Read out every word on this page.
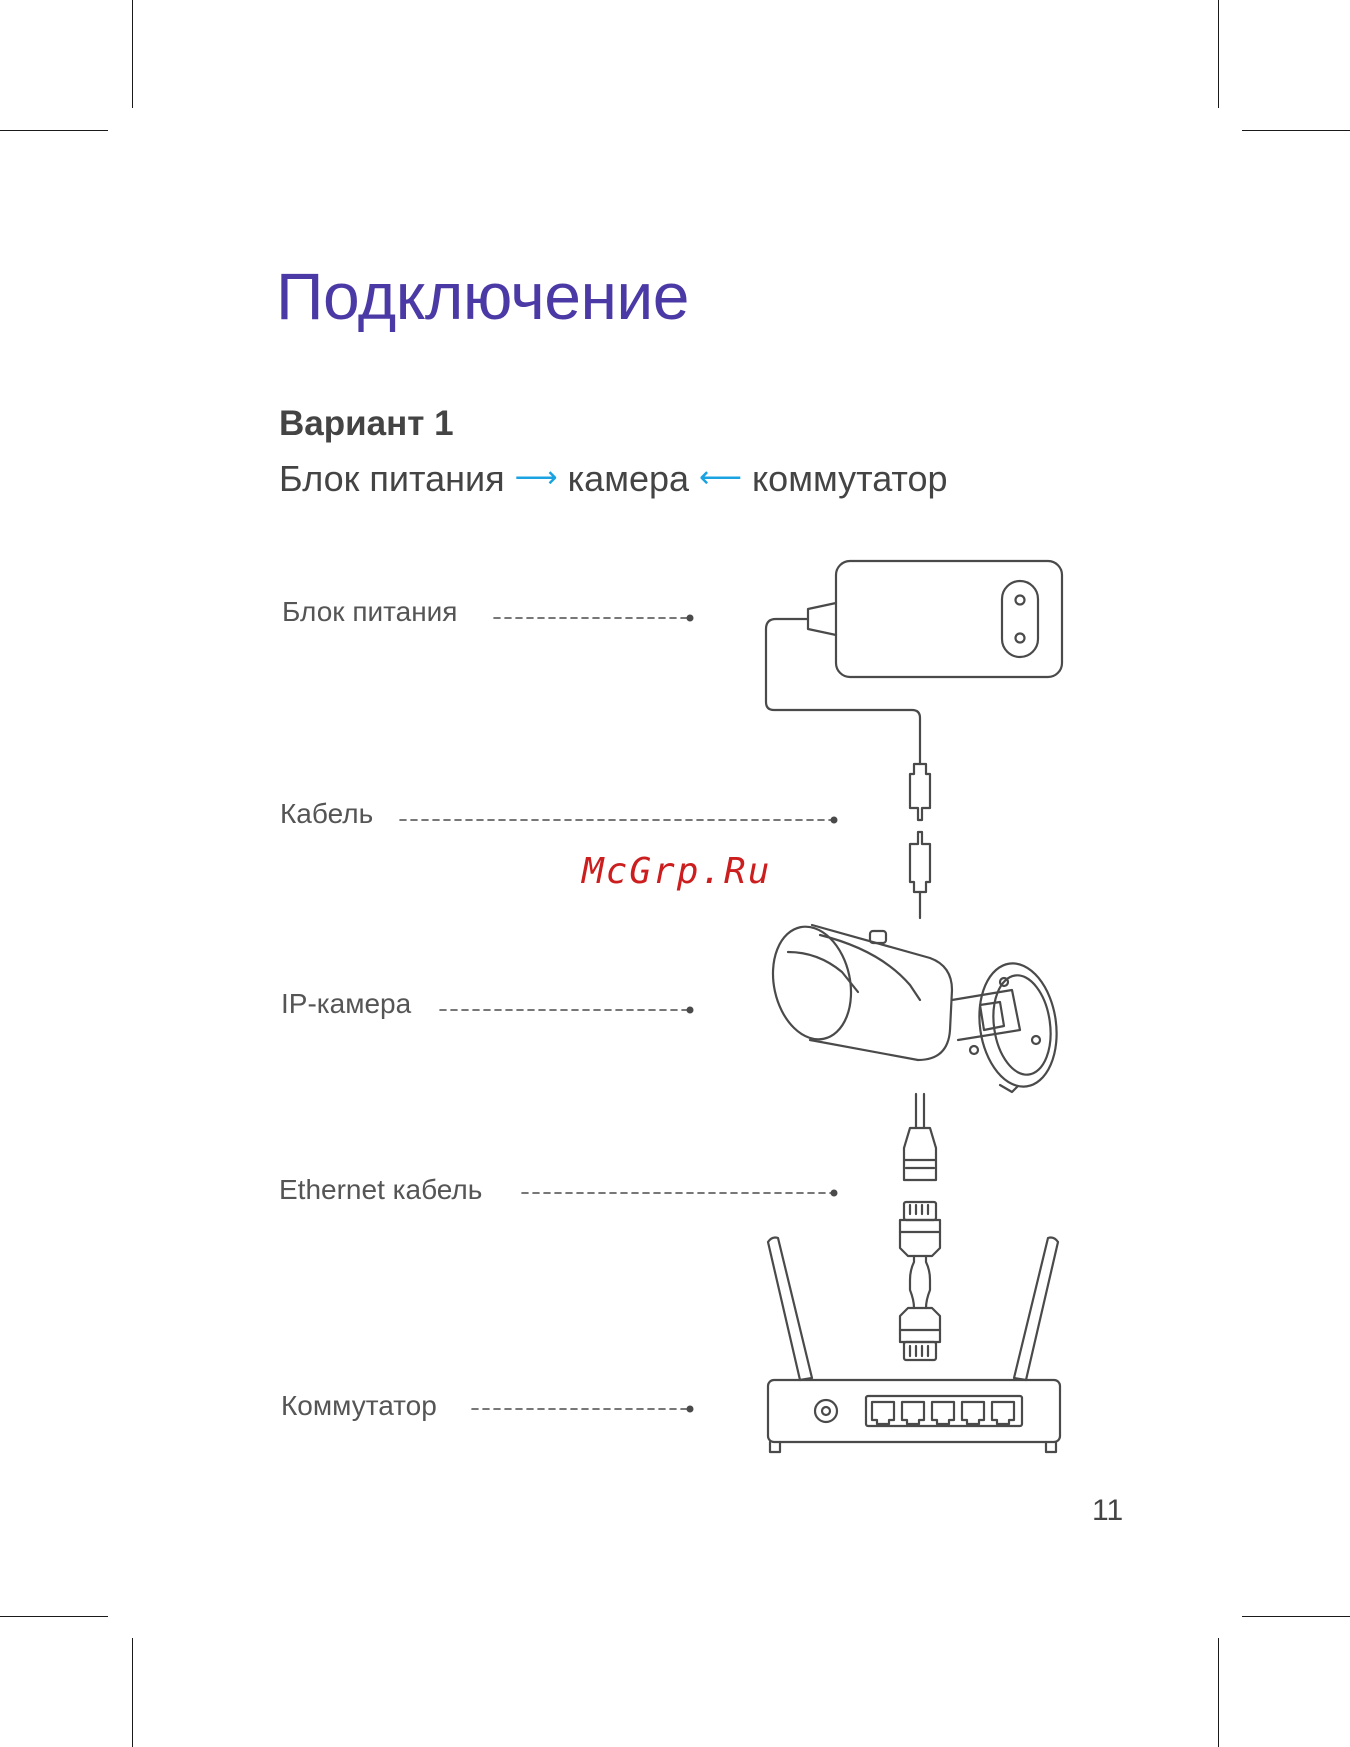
Подключение
Вариант 1

Блок питания ⟶ камера ⟵ коммутатор

Блок питания
Кабель
IP-камера
Ethernet кабель
Коммутатор
McGrp.Ru
11
